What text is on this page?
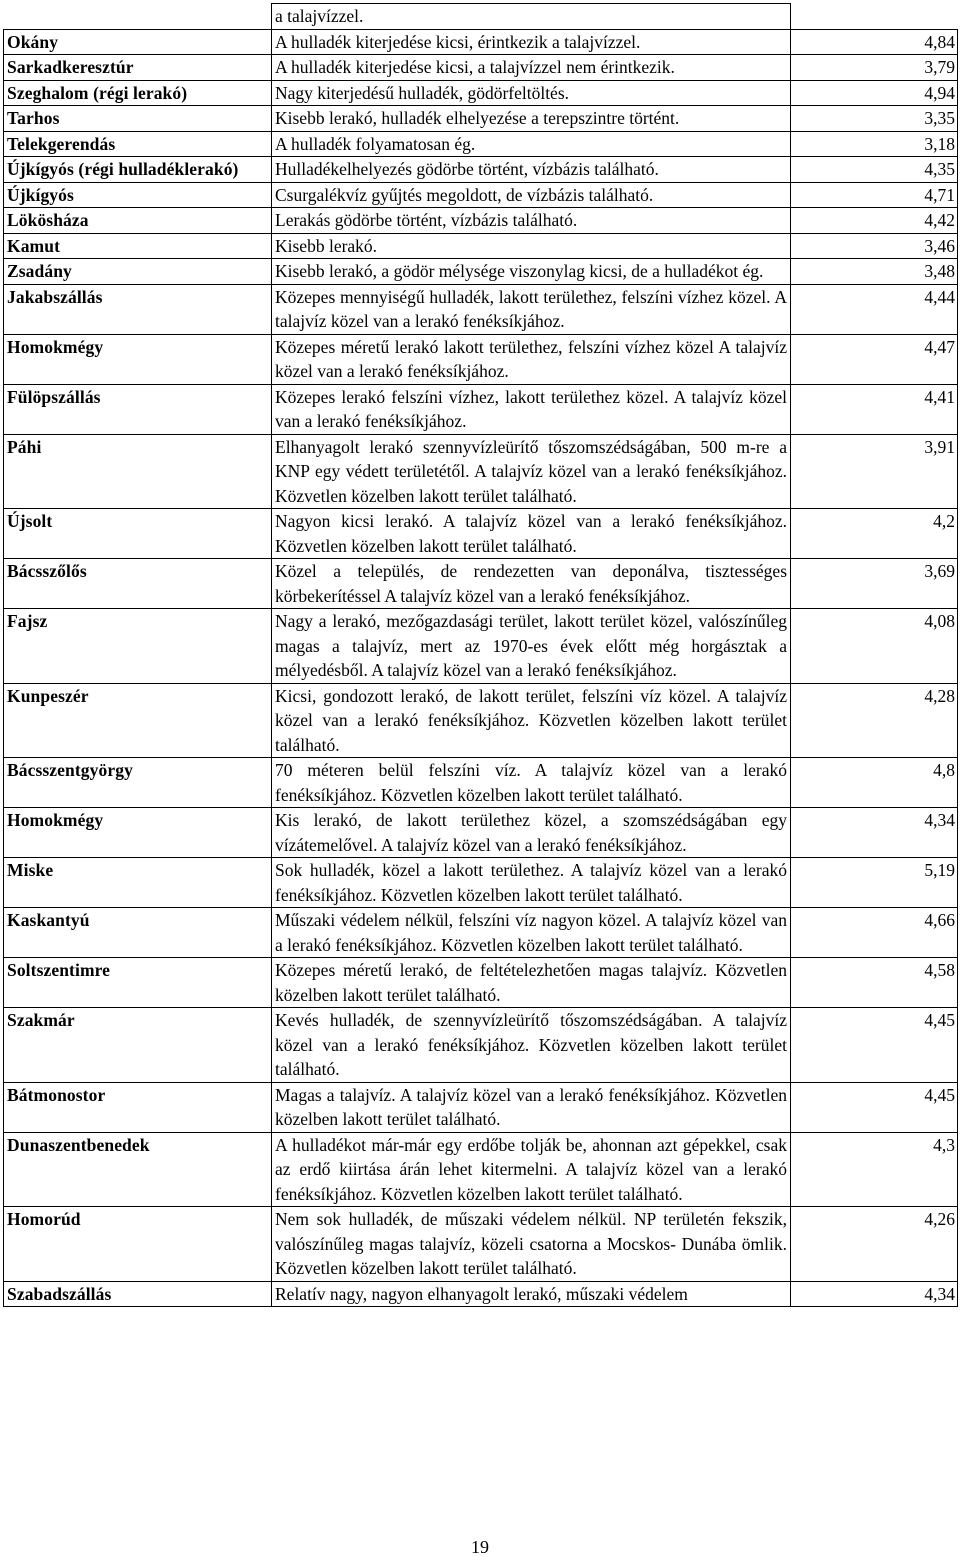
	a talajvízzel.	
Okány	A hulladék kiterjedése kicsi, érintkezik a talajvízzel.	4,84
Sarkadkeresztúr	A hulladék kiterjedése kicsi, a talajvízzel nem érintkezik.	3,79
Szeghalom (régi lerakó)	Nagy kiterjedésű hulladék, gödörfeltöltés.	4,94
Tarhos	Kisebb lerakó, hulladék elhelyezése a terepszintre történt.	3,35
Telekgerendás	A hulladék folyamatosan ég.	3,18
Újkígyós (régi hulladéklerakó)	Hulladékelhelyezés gödörbe történt, vízbázis található.	4,35
Újkígyós	Csurgalékvíz gyűjtés megoldott, de vízbázis található.	4,71
Lökösháza	Lerakás gödörbe történt, vízbázis található.	4,42
Kamut	Kisebb lerakó.	3,46
Zsadány	Kisebb lerakó, a gödör mélysége viszonylag kicsi, de a hulladékot ég.	3,48
Jakabszállás	Közepes mennyiségű hulladék, lakott területhez, felszíni vízhez közel. A talajvíz közel van a lerakó fenéksíkjához.	4,44
Homokmégy	Közepes méretű lerakó lakott területhez, felszíni vízhez közel A talajvíz közel van a lerakó fenéksíkjához.	4,47
Fülöpszállás	Közepes lerakó felszíni vízhez, lakott területhez közel. A talajvíz közel van a lerakó fenéksíkjához.	4,41
Páhi	Elhanyagolt lerakó szennyvízleürítő tőszomszédságában, 500 m-re a KNP egy védett területétől. A talajvíz közel van a lerakó fenéksíkjához. Közvetlen közelben lakott terület található.	3,91
Újsolt	Nagyon kicsi lerakó. A talajvíz közel van a lerakó fenéksíkjához. Közvetlen közelben lakott terület található.	4,2
Bácsszőlős	Közel a település, de rendezetten van deponálva, tisztességes körbekerítéssel A talajvíz közel van a lerakó fenéksíkjához.	3,69
Fajsz	Nagy a lerakó, mezőgazdasági terület, lakott terület közel, valószínűleg magas a talajvíz, mert az 1970-es évek előtt még horgásztak a mélyedésből. A talajvíz közel van a lerakó fenéksíkjához.	4,08
Kunpeszér	Kicsi, gondozott lerakó, de lakott terület, felszíni víz közel. A talajvíz közel van a lerakó fenéksíkjához. Közvetlen közelben lakott terület található.	4,28
Bácsszentgyörgy	70 méteren belül felszíni víz. A talajvíz közel van a lerakó fenéksíkjához. Közvetlen közelben lakott terület található.	4,8
Homokmégy	Kis lerakó, de lakott területhez közel, a szomszédságában egy vízátemelővel. A talajvíz közel van a lerakó fenéksíkjához.	4,34
Miske	Sok hulladék, közel a lakott területhez. A talajvíz közel van a lerakó fenéksíkjához. Közvetlen közelben lakott terület található.	5,19
Kaskantyú	Műszaki védelem nélkül, felszíni víz nagyon közel. A talajvíz közel van a lerakó fenéksíkjához. Közvetlen közelben lakott terület található.	4,66
Soltszentimre	Közepes méretű lerakó, de feltételezhetően magas talajvíz. Közvetlen közelben lakott terület található.	4,58
Szakmár	Kevés hulladék, de szennyvízleürítő tőszomszédságában. A talajvíz közel van a lerakó fenéksíkjához. Közvetlen közelben lakott terület található.	4,45
Bátmonostor	Magas a talajvíz. A talajvíz közel van a lerakó fenéksíkjához. Közvetlen közelben lakott terület található.	4,45
Dunaszentbenedek	A hulladékot már-már egy erdőbe tolják be, ahonnan azt gépekkel, csak az erdő kiirtása árán lehet kitermelni. A talajvíz közel van a lerakó fenéksíkjához. Közvetlen közelben lakott terület található.	4,3
Homorúd	Nem sok hulladék, de műszaki védelem nélkül. NP területén fekszik, valószínűleg magas talajvíz, közeli csatorna a Mocskos- Dunába ömlik. Közvetlen közelben lakott terület található.	4,26
Szabadszállás	Relatív nagy, nagyon elhanyagolt lerakó, műszaki védelem	4,34
19
